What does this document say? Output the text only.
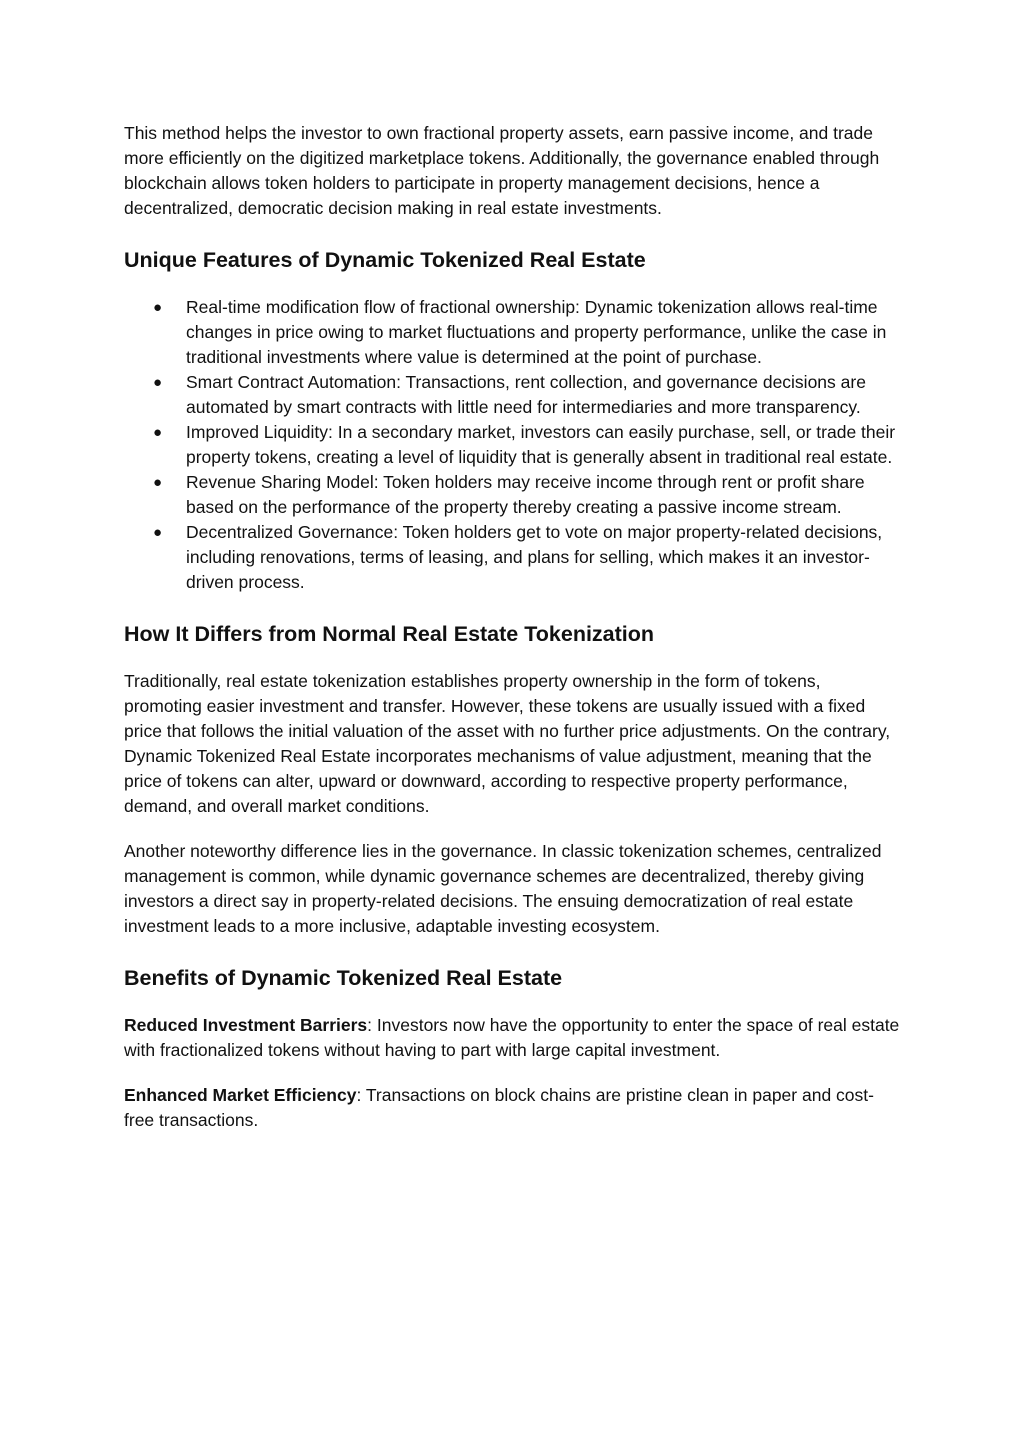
This method helps the investor to own fractional property assets, earn passive income, and trade more efficiently on the digitized marketplace tokens. Additionally, the governance enabled through blockchain allows token holders to participate in property management decisions, hence a decentralized, democratic decision making in real estate investments.

Unique Features of Dynamic Tokenized Real Estate
● Real-time modification flow of fractional ownership: Dynamic tokenization allows real-time changes in price owing to market fluctuations and property performance, unlike the case in traditional investments where value is determined at the point of purchase.
● Smart Contract Automation: Transactions, rent collection, and governance decisions are automated by smart contracts with little need for intermediaries and more transparency.
● Improved Liquidity: In a secondary market, investors can easily purchase, sell, or trade their property tokens, creating a level of liquidity that is generally absent in traditional real estate.
● Revenue Sharing Model: Token holders may receive income through rent or profit share based on the performance of the property thereby creating a passive income stream.
● Decentralized Governance: Token holders get to vote on major property-related decisions, including renovations, terms of leasing, and plans for selling, which makes it an investor-driven process.
How It Differs from Normal Real Estate Tokenization

Traditionally, real estate tokenization establishes property ownership in the form of tokens, promoting easier investment and transfer. However, these tokens are usually issued with a fixed price that follows the initial valuation of the asset with no further price adjustments. On the contrary, Dynamic Tokenized Real Estate incorporates mechanisms of value adjustment, meaning that the price of tokens can alter, upward or downward, according to respective property performance, demand, and overall market conditions.

Another noteworthy difference lies in the governance. In classic tokenization schemes, centralized management is common, while dynamic governance schemes are decentralized, thereby giving investors a direct say in property-related decisions. The ensuing democratization of real estate investment leads to a more inclusive, adaptable investing ecosystem.

Benefits of Dynamic Tokenized Real Estate

Reduced Investment Barriers: Investors now have the opportunity to enter the space of real estate with fractionalized tokens without having to part with large capital investment.

Enhanced Market Efficiency: Transactions on block chains are pristine clean in paper and cost-free transactions.
